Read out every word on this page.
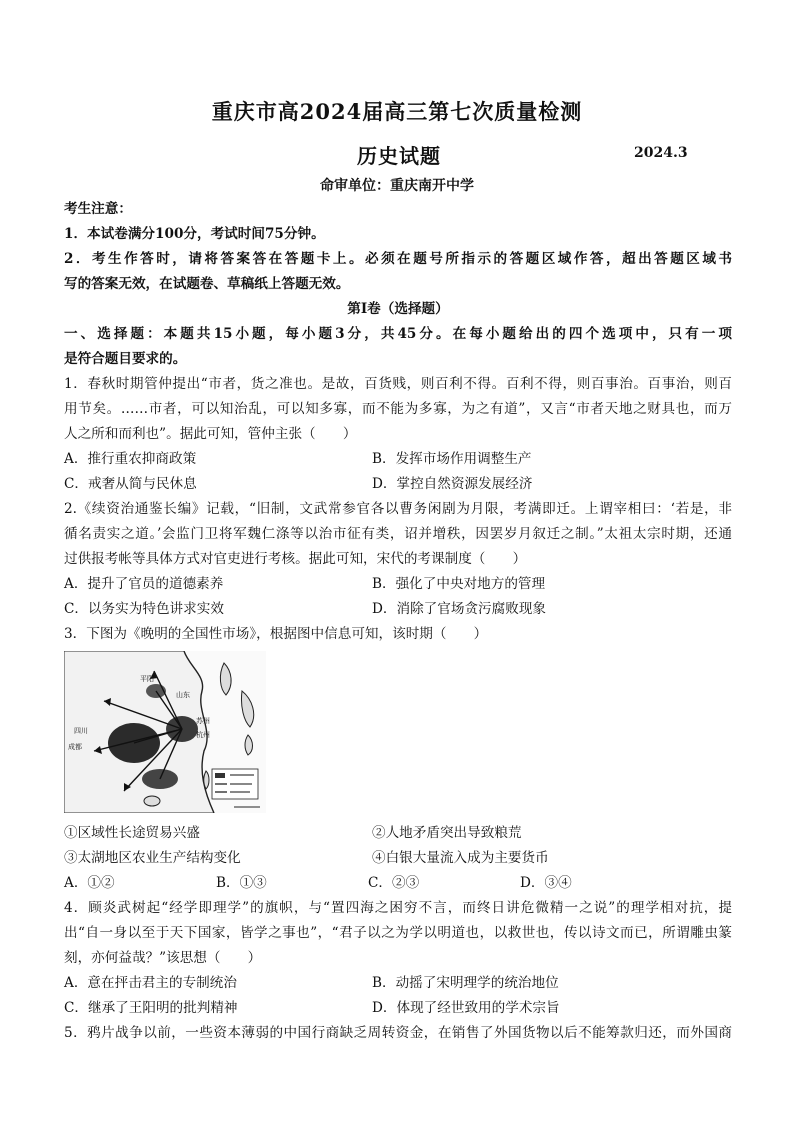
重庆市高2024届高三第七次质量检测
历史试题	2024.3
命审单位：重庆南开中学
考生注意：
1．本试卷满分100分，考试时间75分钟。
2．考生作答时，请将答案答在答题卡上。必须在题号所指示的答题区域作答，超出答题区域书
写的答案无效，在试题卷、草稿纸上答题无效。
第Ⅰ卷（选择题）
一、选择题：本题共15小题，每小题3分，共45分。在每小题给出的四个选项中，只有一项
是符合题目要求的。
1．春秋时期管仲提出“市者，货之准也。是故，百货贱，则百利不得。百利不得，则百事治。百事治，则百
用节矣。……市者，可以知治乱，可以知多寡，而不能为多寡，为之有道”，又言“市者天地之财具也，而万
人之所和而利也”。据此可知，管仲主张（　　）
A．推行重农抑商政策	B．发挥市场作用调整生产
C．戒奢从简与民休息	D．掌控自然资源发展经济
2.《续资治通鉴长编》记载，“旧制，文武常参官各以曹务闲剧为月限，考满即迁。上谓宰相曰：‘若是，非
循名责实之道。’会监门卫将军魏仁涤等以治市征有类，诏并增秩，因罢岁月叙迁之制。”太祖太宗时期，还通
过供报考帐等具体方式对官吏进行考核。据此可知，宋代的考课制度（　　）
A．提升了官员的道德素养	B．强化了中央对地方的管理
C．以务实为特色讲求实效	D．消除了官场贪污腐败现象
3．下图为《晚明的全国性市场》，根据图中信息可知，该时期（　　）
四川
成都
平阳
山东
苏州
杭州
①区域性长途贸易兴盛	②人地矛盾突出导致粮荒
③太湖地区农业生产结构变化	④白银大量流入成为主要货币
A．①②	B．①③	C．②③	D．③④
4．顾炎武树起“经学即理学”的旗帜，与“置四海之困穷不言，而终日讲危微精一之说”的理学相对抗，提
出“自一身以至于天下国家，皆学之事也”，“君子以之为学以明道也，以救世也，传以诗文而已，所谓雕虫篆
刻，亦何益哉？”该思想（　　）
A．意在抨击君主的专制统治	B．动摇了宋明理学的统治地位
C．继承了王阳明的批判精神	D．体现了经世致用的学术宗旨
5．鸦片战争以前，一些资本薄弱的中国行商缺乏周转资金，在销售了外国货物以后不能筹款归还，而外国商
